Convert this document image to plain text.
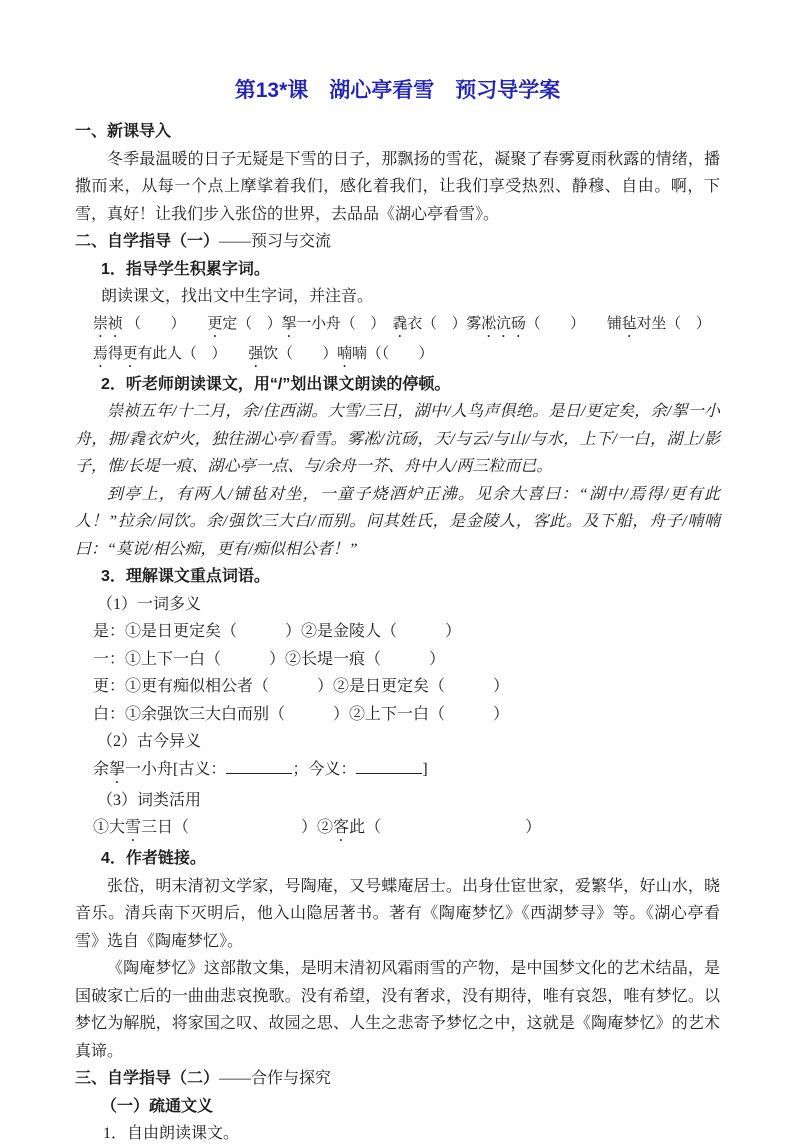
第13*课　湖心亭看雪　预习导学案

一、新课导入

冬季最温暖的日子无疑是下雪的日子，那飘扬的雪花，凝聚了春雾夏雨秋露的情绪，播撒而来，从每一个点上摩挲着我们，感化着我们，让我们享受热烈、静穆、自由。啊，下雪，真好！让我们步入张岱的世界，去品品《湖心亭看雪》。

二、自学指导（一）——预习与交流

1．指导学生积累字词。

朗读课文，找出文中生字词，并注音。

崇祯 （　　）　　更定（　）挐一小舟（　）　毳衣（　）雾凇沆砀（　　）　　铺毡对坐（　）

焉得更有此人（　）　　强饮（　　）喃喃（（　　）

2．听老师朗读课文，用“/”划出课文朗读的停顿。

崇祯五年/十二月，余/住西湖。大雪/三日，湖中/人鸟声俱绝。是日/更定矣，余/挐一小舟，拥/毳衣炉火，独往湖心亭/看雪。雾凇/沆砀，天/与云/与山/与水，上下/一白，湖上/影子，惟/长堤一痕、湖心亭一点、与/余舟一芥、舟中人/两三粒而已。

到亭上，有两人/铺毡对坐，一童子烧酒炉正沸。见余大喜曰：“湖中/焉得/更有此人！”拉余/同饮。余/强饮三大白/而别。问其姓氏，是金陵人，客此。及下船，舟子/喃喃曰：“莫说/相公痴，更有/痴似相公者！”

3．理解课文重点词语。

（1）一词多义

是：①是日更定矣（　　　）②是金陵人（　　　）

一：①上下一白（　　　）②长堤一痕（　　　）

更：①更有痴似相公者（　　　）②是日更定矣（　　　）

白：①余强饮三大白而别（　　　）②上下一白（　　　）

（2）古今异义

余挐一小舟[古义：	；今义：	]

（3）词类活用

①大雪三日（　　　　　　　）②客此（　　　　　　　　　）

4．作者链接。

张岱，明末清初文学家，号陶庵，又号蝶庵居士。出身仕宦世家，爱繁华，好山水，晓音乐。清兵南下灭明后，他入山隐居著书。著有《陶庵梦忆》《西湖梦寻》等。《湖心亭看雪》选自《陶庵梦忆》。

《陶庵梦忆》这部散文集，是明末清初风霜雨雪的产物，是中国梦文化的艺术结晶，是国破家亡后的一曲曲悲哀挽歌。没有希望，没有奢求，没有期待，唯有哀怨，唯有梦忆。以梦忆为解脱，将家国之叹、故园之思、人生之悲寄予梦忆之中，这就是《陶庵梦忆》的艺术真谛。

三、自学指导（二）——合作与探究

（一）疏通文义

1．自由朗读课文。
